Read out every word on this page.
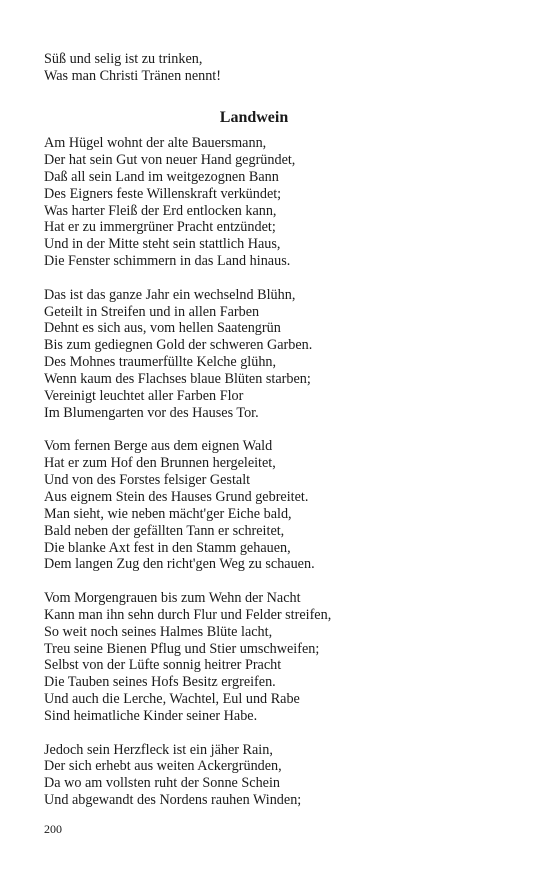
Süß und selig ist zu trinken,
Was man Christi Tränen nennt!
Landwein
Am Hügel wohnt der alte Bauersmann,
Der hat sein Gut von neuer Hand gegründet,
Daß all sein Land im weitgezognen Bann
Des Eigners feste Willenskraft verkündet;
Was harter Fleiß der Erd entlocken kann,
Hat er zu immergrüner Pracht entzündet;
Und in der Mitte steht sein stattlich Haus,
Die Fenster schimmern in das Land hinaus.
Das ist das ganze Jahr ein wechselnd Blühn,
Geteilt in Streifen und in allen Farben
Dehnt es sich aus, vom hellen Saatengrün
Bis zum gediegnen Gold der schweren Garben.
Des Mohnes traumerfüllte Kelche glühn,
Wenn kaum des Flachses blaue Blüten starben;
Vereinigt leuchtet aller Farben Flor
Im Blumengarten vor des Hauses Tor.
Vom fernen Berge aus dem eignen Wald
Hat er zum Hof den Brunnen hergeleitet,
Und von des Forstes felsiger Gestalt
Aus eignem Stein des Hauses Grund gebreitet.
Man sieht, wie neben mächt'ger Eiche bald,
Bald neben der gefällten Tann er schreitet,
Die blanke Axt fest in den Stamm gehauen,
Dem langen Zug den richt'gen Weg zu schauen.
Vom Morgengrauen bis zum Wehn der Nacht
Kann man ihn sehn durch Flur und Felder streifen,
So weit noch seines Halmes Blüte lacht,
Treu seine Bienen Pflug und Stier umschweifen;
Selbst von der Lüfte sonnig heitrer Pracht
Die Tauben seines Hofs Besitz ergreifen.
Und auch die Lerche, Wachtel, Eul und Rabe
Sind heimatliche Kinder seiner Habe.
Jedoch sein Herzfleck ist ein jäher Rain,
Der sich erhebt aus weiten Ackergründen,
Da wo am vollsten ruht der Sonne Schein
Und abgewandt des Nordens rauhen Winden;
200
